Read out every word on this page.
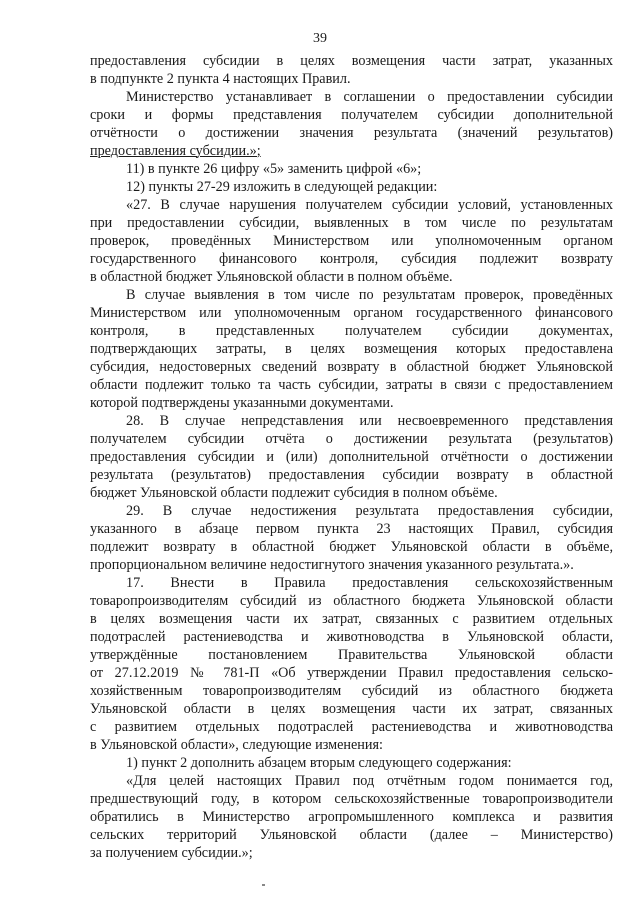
39
предоставления субсидии в целях возмещения части затрат, указанных
в подпункте 2 пункта 4 настоящих Правил.
Министерство устанавливает в соглашении о предоставлении субсидии
сроки и формы представления получателем субсидии дополнительной
отчётности о достижении значения результата (значений результатов)
предоставления субсидии.»;
11) в пункте 26 цифру «5» заменить цифрой «6»;
12) пункты 27-29 изложить в следующей редакции:
«27. В случае нарушения получателем субсидии условий, установленных
при предоставлении субсидии, выявленных в том числе по результатам
проверок, проведённых Министерством или уполномоченным органом
государственного финансового контроля, субсидия подлежит возврату
в областной бюджет Ульяновской области в полном объёме.
В случае выявления в том числе по результатам проверок, проведённых
Министерством или уполномоченным органом государственного финансового
контроля, в представленных получателем субсидии документах,
подтверждающих затраты, в целях возмещения которых предоставлена
субсидия, недостоверных сведений возврату в областной бюджет Ульяновской
области подлежит только та часть субсидии, затраты в связи с предоставлением
которой подтверждены указанными документами.
28. В случае непредставления или несвоевременного представления
получателем субсидии отчёта о достижении результата (результатов)
предоставления субсидии и (или) дополнительной отчётности о достижении
результата (результатов) предоставления субсидии возврату в областной
бюджет Ульяновской области подлежит субсидия в полном объёме.
29. В случае недостижения результата предоставления субсидии,
указанного в абзаце первом пункта 23 настоящих Правил, субсидия
подлежит возврату в областной бюджет Ульяновской области в объёме,
пропорциональном величине недостигнутого значения указанного результата.».
17. Внести в Правила предоставления сельскохозяйственным
товаропроизводителям субсидий из областного бюджета Ульяновской области
в целях возмещения части их затрат, связанных с развитием отдельных
подотраслей растениеводства и животноводства в Ульяновской области,
утверждённые постановлением Правительства Ульяновской области
от 27.12.2019 № 781-П «Об утверждении Правил предоставления сельско-
хозяйственным товаропроизводителям субсидий из областного бюджета
Ульяновской области в целях возмещения части их затрат, связанных
с развитием отдельных подотраслей растениеводства и животноводства
в Ульяновской области», следующие изменения:
1) пункт 2 дополнить абзацем вторым следующего содержания:
«Для целей настоящих Правил под отчётным годом понимается год,
предшествующий году, в котором сельскохозяйственные товаропроизводители
обратились в Министерство агропромышленного комплекса и развития
сельских территорий Ульяновской области (далее – Министерство)
за получением субсидии.»;
